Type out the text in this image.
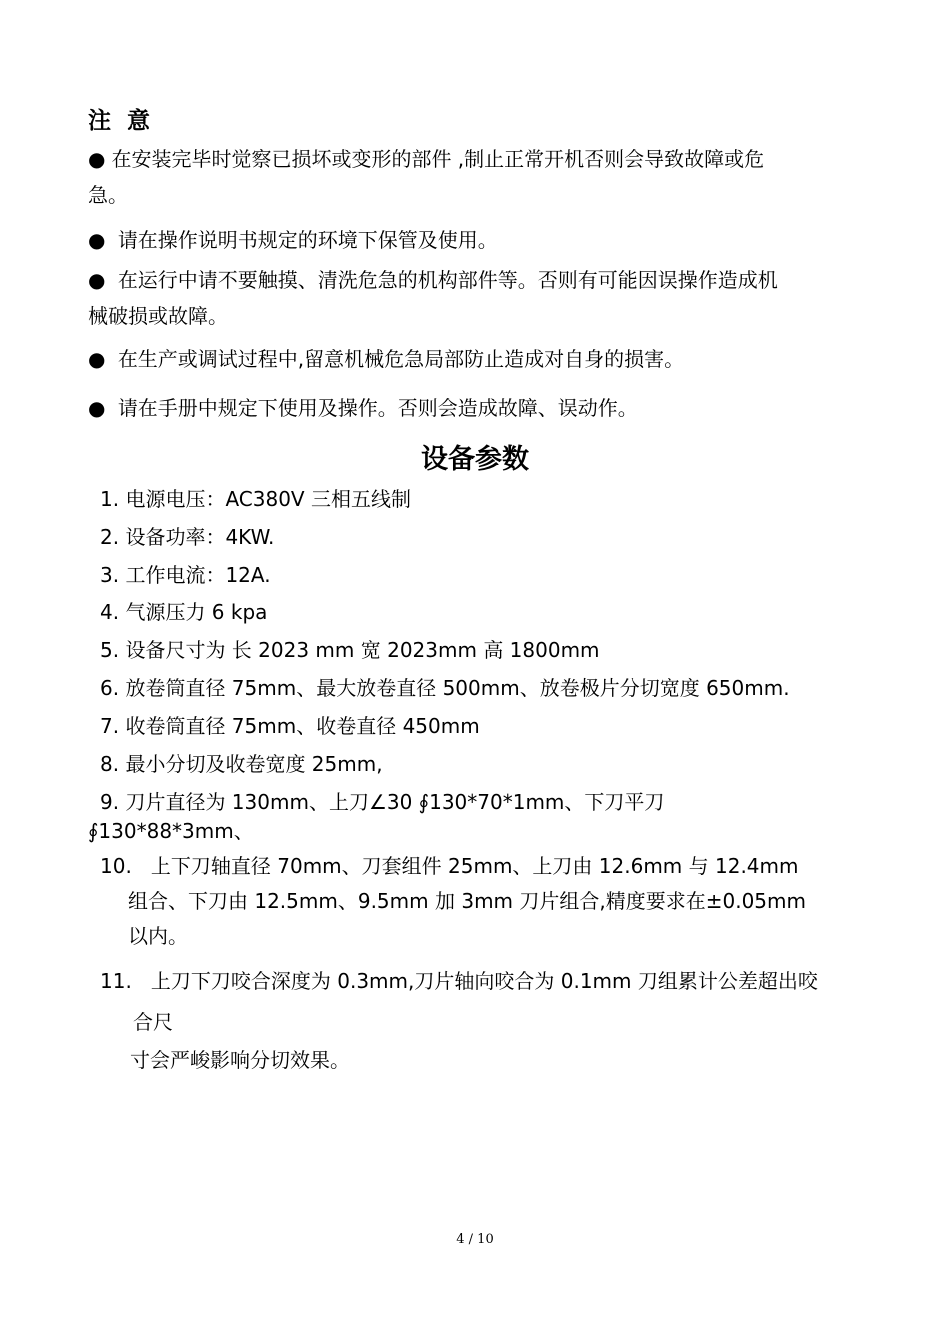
注 意
● 在安装完毕时觉察已损坏或变形的部件 ,制止正常开机否则会导致故障或危
急。
● 请在操作说明书规定的环境下保管及使用。
● 在运行中请不要触摸、清洗危急的机构部件等。否则有可能因误操作造成机
械破损或故障。
● 在生产或调试过程中,留意机械危急局部防止造成对自身的损害。
● 请在手册中规定下使用及操作。否则会造成故障、误动作。
设备参数
1. 电源电压：AC380V 三相五线制
2. 设备功率：4KW.
3. 工作电流：12A.
4. 气源压力 6 kpa
5. 设备尺寸为 长 2023 mm 宽 2023mm 高 1800mm
6. 放卷筒直径 75mm、最大放卷直径 500mm、放卷极片分切宽度 650mm.
7. 收卷筒直径 75mm、收卷直径 450mm
8. 最小分切及收卷宽度 25mm,
9. 刀片直径为 130mm、上刀∠30 ∮130*70*1mm、下刀平刀
∮130*88*3mm、
10. 上下刀轴直径 70mm、刀套组件 25mm、上刀由 12.6mm 与 12.4mm
组合、下刀由 12.5mm、9.5mm 加 3mm 刀片组合,精度要求在±0.05mm
以内。
11. 上刀下刀咬合深度为 0.3mm,刀片轴向咬合为 0.1mm 刀组累计公差超出咬
合尺
寸会严峻影响分切效果。
4 / 10
